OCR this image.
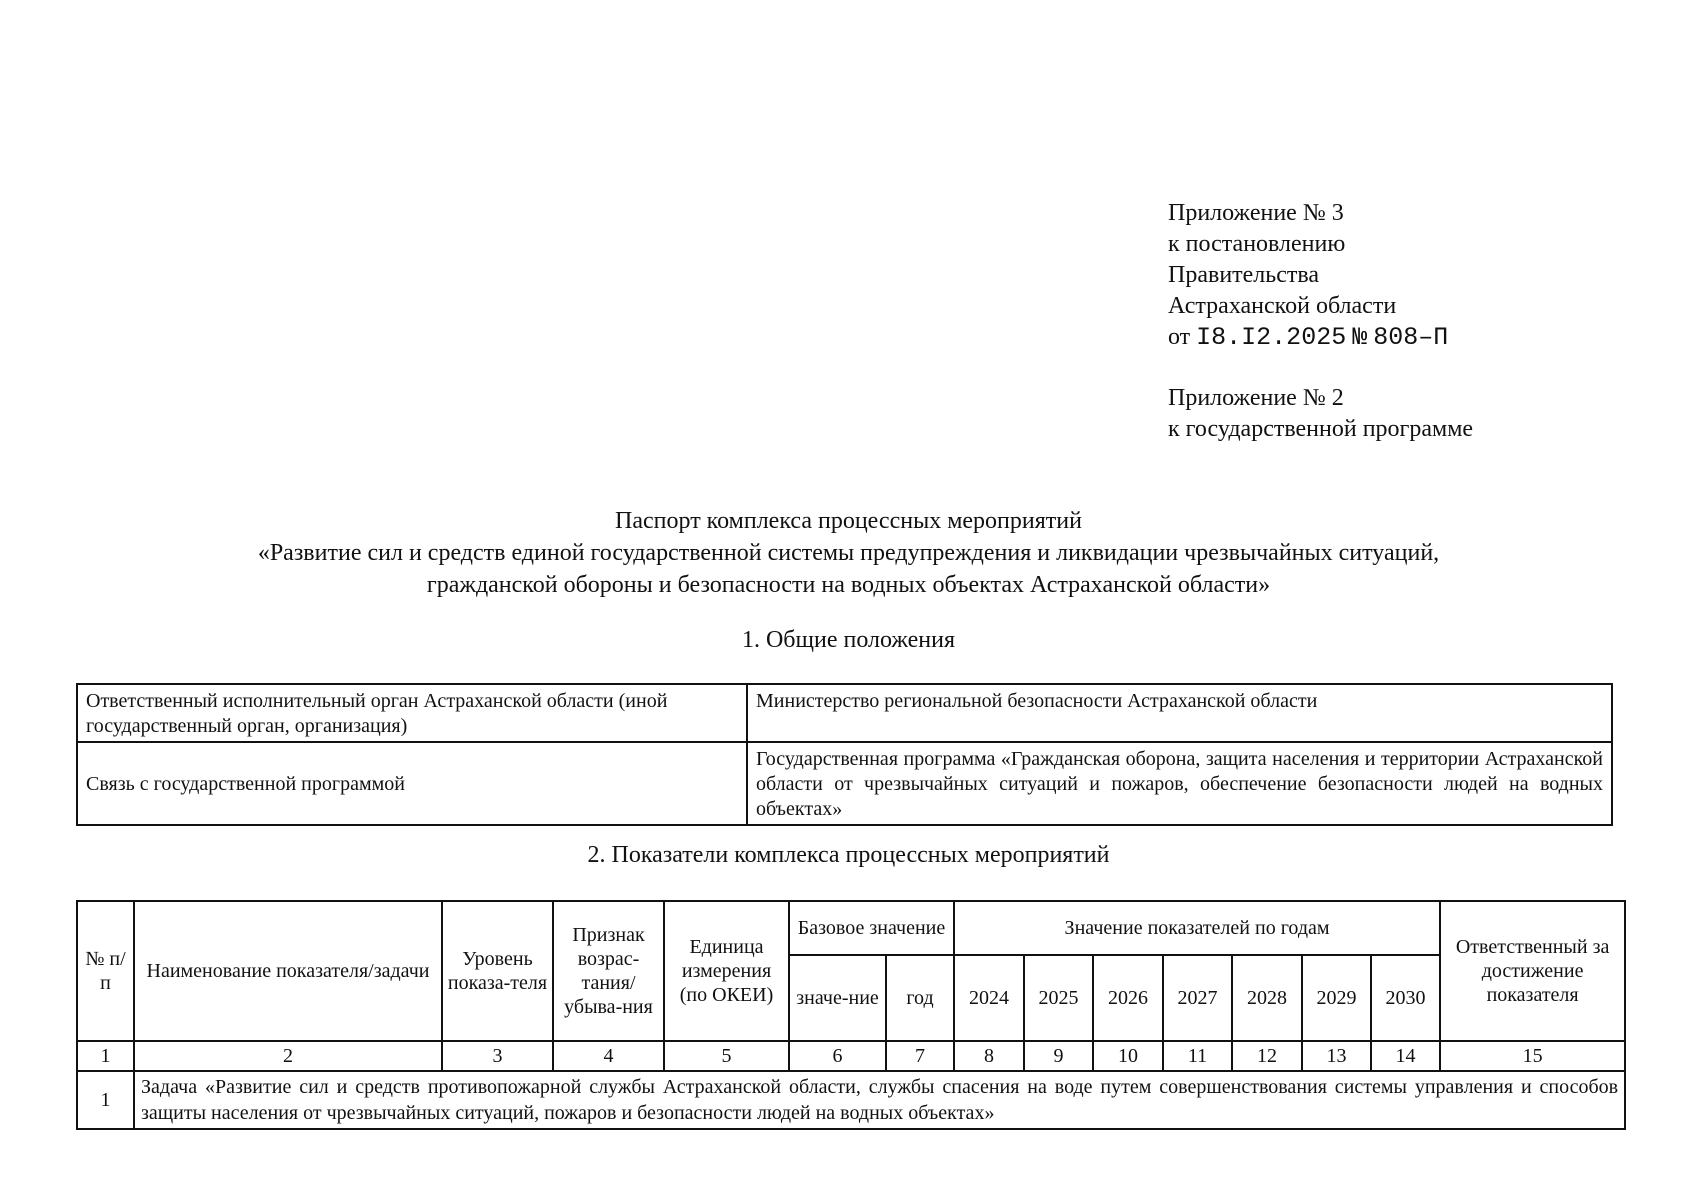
Приложение № 3
к постановлению
Правительства
Астраханской области
от I8.I2.2025 № 808–П
Приложение № 2
к государственной программе
Паспорт комплекса процессных мероприятий
«Развитие сил и средств единой государственной системы предупреждения и ликвидации чрезвычайных ситуаций,
гражданской обороны и безопасности на водных объектах Астраханской области»
1. Общие положения
Ответственный исполнительный орган Астраханской области (иной государственный орган, организация)	Министерство региональной безопасности Астраханской области
Связь с государственной программой	Государственная программа «Гражданская оборона, защита населения и территории Астраханской области от чрезвычайных ситуаций и пожаров, обеспечение безопасности людей на водных объектах»
2. Показатели комплекса процессных мероприятий
№ п/п	Наименование показателя/задачи	Уровень показа-теля	Признак возрас-тания/ убыва-ния	Единица измерения (по ОКЕИ)	Базовое значение		Значение показателей по годам							Ответственный за достижение показателя
					значе-ние	год	2024	2025	2026	2027	2028	2029	2030	
1	2	3	4	5	6	7	8	9	10	11	12	13	14	15
1	Задача «Развитие сил и средств противопожарной службы Астраханской области, службы спасения на воде путем совершенствования системы управления и способов защиты населения от чрезвычайных ситуаций, пожаров и безопасности людей на водных объектах»													
